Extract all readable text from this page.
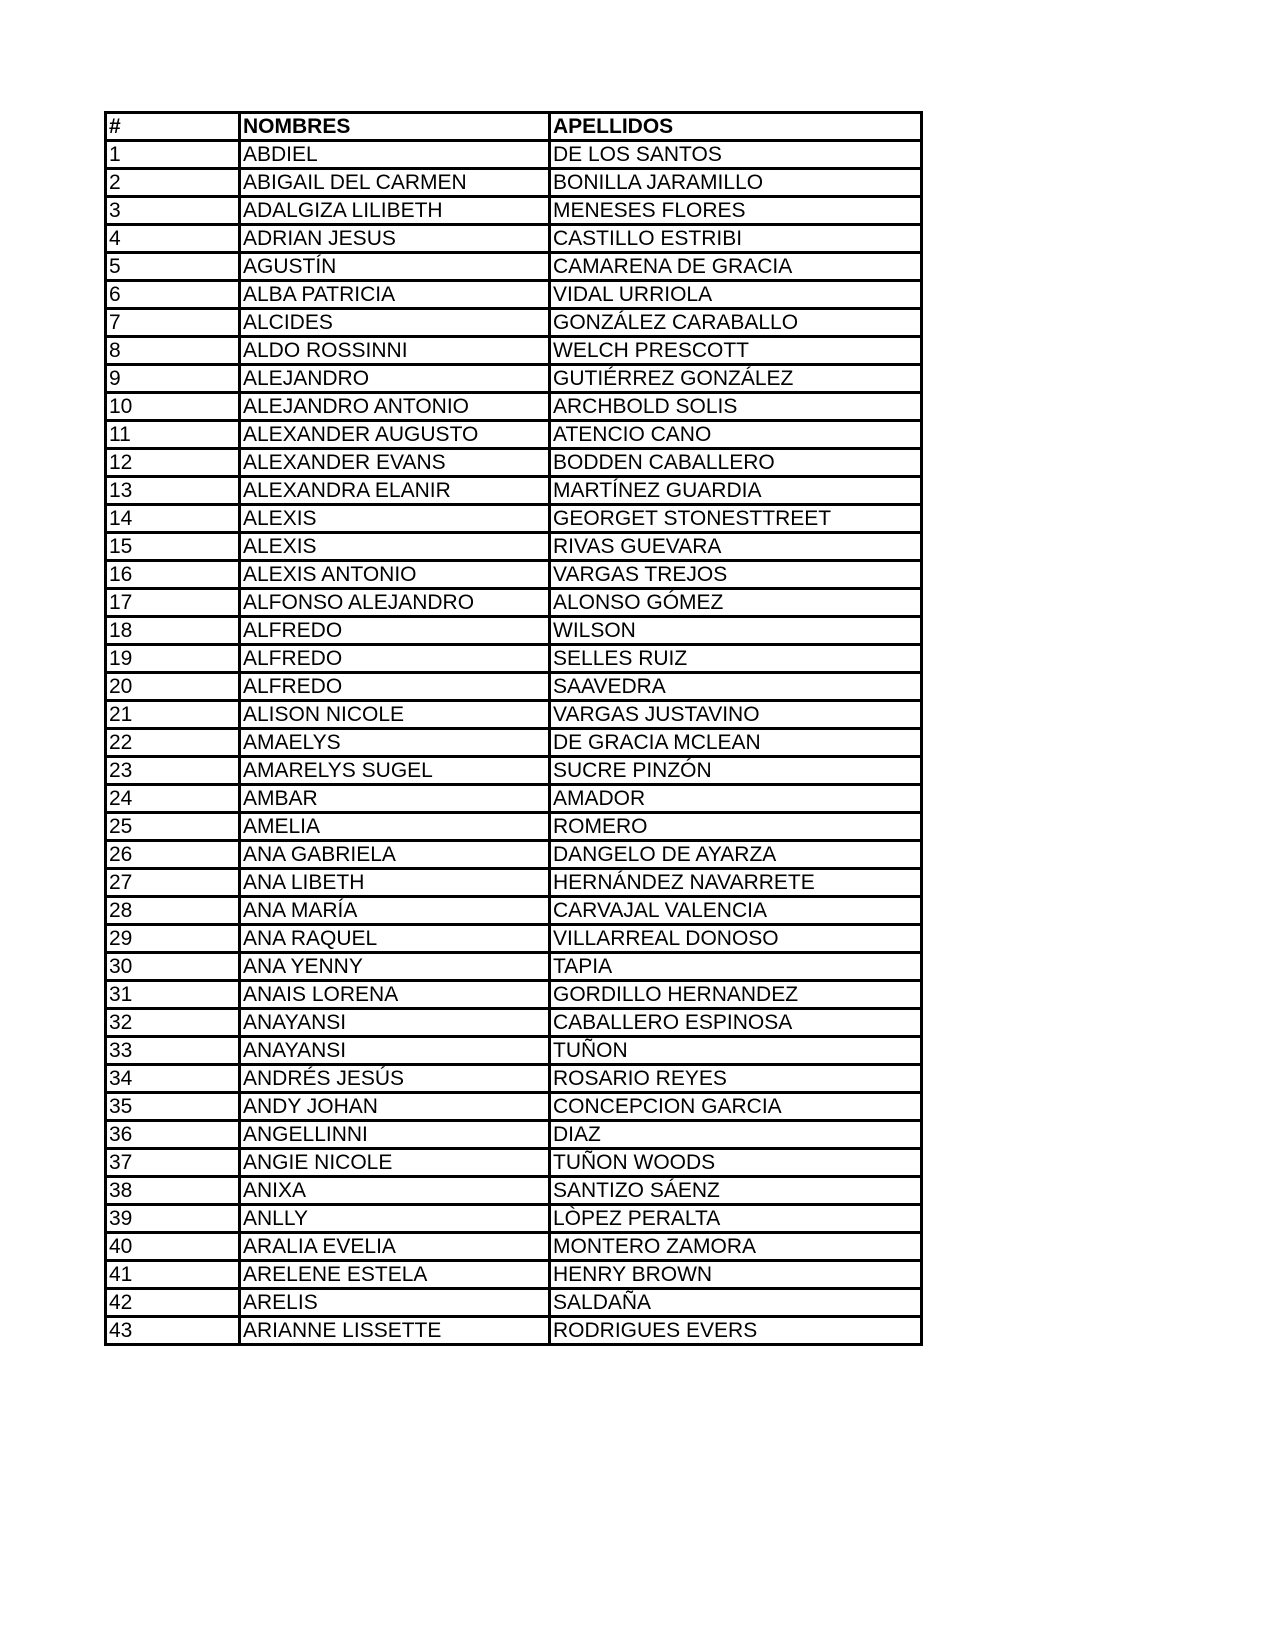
#	NOMBRES	APELLIDOS
1	ABDIEL	DE LOS SANTOS
2	ABIGAIL DEL CARMEN	BONILLA JARAMILLO
3	ADALGIZA LILIBETH	MENESES FLORES
4	ADRIAN JESUS	CASTILLO ESTRIBI
5	AGUSTÍN	CAMARENA DE GRACIA
6	ALBA PATRICIA	VIDAL URRIOLA
7	ALCIDES	GONZÁLEZ CARABALLO
8	ALDO ROSSINNI	WELCH PRESCOTT
9	ALEJANDRO	GUTIÉRREZ GONZÁLEZ
10	ALEJANDRO ANTONIO	ARCHBOLD SOLIS
11	ALEXANDER AUGUSTO	ATENCIO CANO
12	ALEXANDER EVANS	BODDEN CABALLERO
13	ALEXANDRA ELANIR	MARTÍNEZ GUARDIA
14	ALEXIS	GEORGET STONESTTREET
15	ALEXIS	RIVAS GUEVARA
16	ALEXIS ANTONIO	VARGAS TREJOS
17	ALFONSO ALEJANDRO	ALONSO GÓMEZ
18	ALFREDO	WILSON
19	ALFREDO	SELLES RUIZ
20	ALFREDO	SAAVEDRA
21	ALISON NICOLE	VARGAS JUSTAVINO
22	AMAELYS	DE GRACIA MCLEAN
23	AMARELYS SUGEL	SUCRE PINZÓN
24	AMBAR	AMADOR
25	AMELIA	ROMERO
26	ANA GABRIELA	DANGELO DE AYARZA
27	ANA LIBETH	HERNÁNDEZ NAVARRETE
28	ANA MARÍA	CARVAJAL VALENCIA
29	ANA RAQUEL	VILLARREAL DONOSO
30	ANA YENNY	TAPIA
31	ANAIS LORENA	GORDILLO HERNANDEZ
32	ANAYANSI	CABALLERO ESPINOSA
33	ANAYANSI	TUÑON
34	ANDRÉS JESÚS	ROSARIO REYES
35	ANDY JOHAN	CONCEPCION GARCIA
36	ANGELLINNI	DIAZ
37	ANGIE NICOLE	TUÑON WOODS
38	ANIXA	SANTIZO SÁENZ
39	ANLLY	LÒPEZ PERALTA
40	ARALIA EVELIA	MONTERO ZAMORA
41	ARELENE ESTELA	HENRY BROWN
42	ARELIS	SALDAÑA
43	ARIANNE LISSETTE	RODRIGUES EVERS
